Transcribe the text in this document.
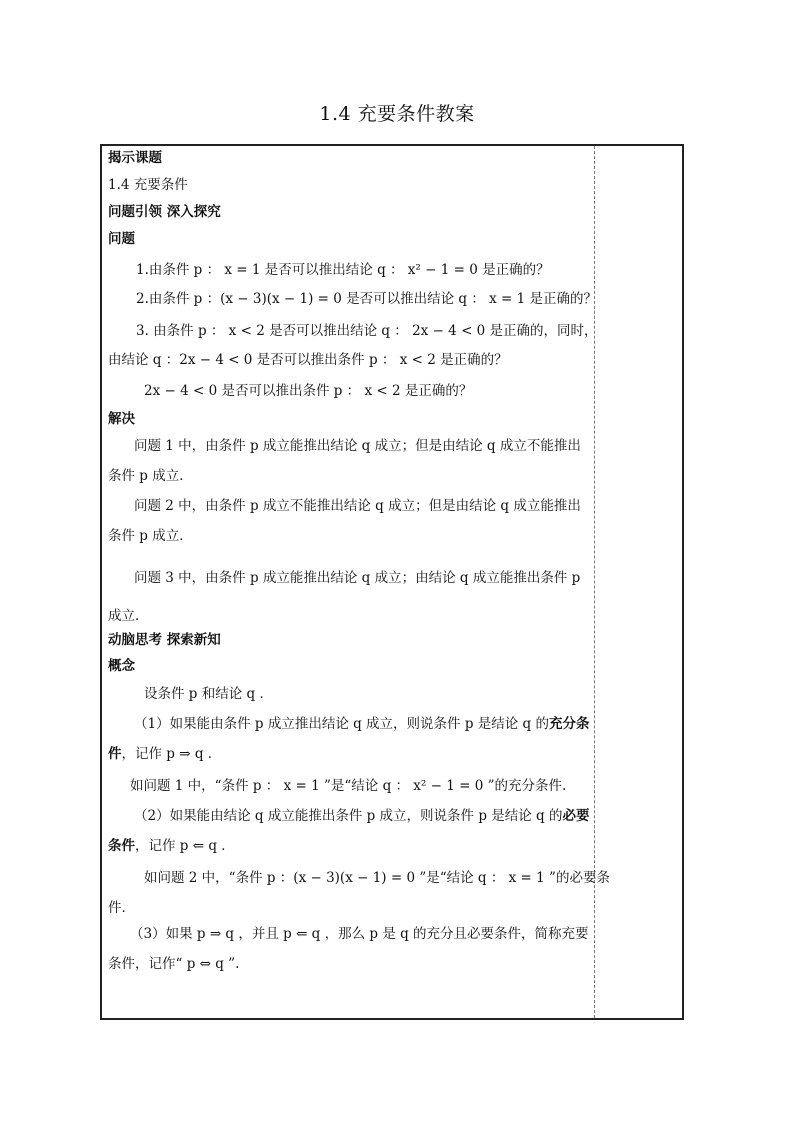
1.4 充要条件教案
揭示课题
1.4 充要条件
问题引领 深入探究
问题
1.由条件 p ： x = 1 是否可以推出结论 q ： x² − 1 = 0 是正确的？
2.由条件 p ：(x − 3)(x − 1) = 0 是否可以推出结论 q ： x = 1 是正确的？
3. 由条件 p ： x < 2 是否可以推出结论 q ： 2x − 4 < 0 是正确的，同时，
由结论 q ：2x − 4 < 0 是否可以推出条件 p ： x < 2 是正确的？
2x − 4 < 0 是否可以推出条件 p ： x < 2 是正确的？
解决
问题 1 中，由条件 p 成立能推出结论 q 成立；但是由结论 q 成立不能推出
条件 p 成立．
问题 2 中，由条件 p 成立不能推出结论 q 成立；但是由结论 q 成立能推出
条件 p 成立．
问题 3 中，由条件 p 成立能推出结论 q 成立；由结论 q 成立能推出条件 p
成立．
动脑思考 探索新知
概念
设条件 p 和结论 q ．
（1）如果能由条件 p 成立推出结论 q 成立，则说条件 p 是结论 q 的充分条
件，记作 p ⇒ q ．
如问题 1 中，“条件 p ： x = 1 ”是“结论 q ： x² − 1 = 0 ”的充分条件.
（2）如果能由结论 q 成立能推出条件 p 成立，则说条件 p 是结论 q 的必要
条件，记作 p ⇐ q ．
如问题 2 中，“条件 p ：(x − 3)(x − 1) = 0 ”是“结论 q ： x = 1 ”的必要条
件．
（3）如果 p ⇒ q ，并且 p ⇐ q ，那么 p 是 q 的充分且必要条件，简称充要
条件，记作“ p ⇔ q ”.
